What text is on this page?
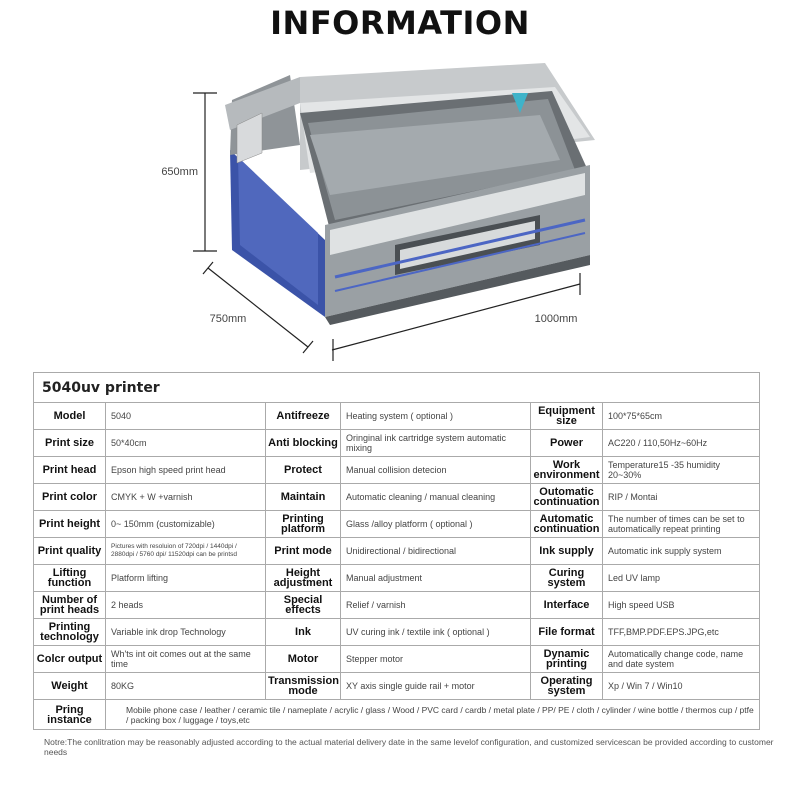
INFORMATION
650mm
750mm	1000mm
5040uv printer					
Model	5040	Antifreeze	Heating system ( optional )	Equipment size	100*75*65cm
Print size	50*40cm	Anti blocking	Oringinal ink cartridge system automatic mixing	Power	AC220 / 110,50Hz~60Hz
Print head	Epson high speed print head	Protect	Manual collision detecion	Work environment	Temperature15 -35 humidity 20~30%
Print color	CMYK + W +varnish	Maintain	Automatic cleaning / manual cleaning	Outomatic continuation	RIP / Montai
Print height	0~ 150mm (customizable)	Printing platform	Glass /alloy platform ( optional )	Automatic continuation	The number of times can be set to automatically repeat printing
Print quality	Pictures with resoluion of 720dpi / 1440dpi / 2880dpi / 5760 dpi/ 11520dpi can be printsd	Print mode	Unidirectional / bidirectional	Ink supply	Automatic ink supply system
Lifting function	Platform lifting	Height adjustment	Manual adjustment	Curing system	Led UV lamp
Number of print heads	2 heads	Special effects	Relief / varnish	Interface	High speed USB
Printing technology	Variable ink drop Technology	Ink	UV curing ink / textile ink ( optional )	File format	TFF,BMP.PDF.EPS.JPG,etc
Colcr output	Wh'ts int oit comes out at the same time	Motor	Stepper motor	Dynamic printing	Automatically change code, name and date system
Weight	80KG	Transmission mode	XY axis single guide rail + motor	Operating system	Xp / Win 7 / Win10
Pring instance	Mobile phone case / leather / ceramic tile / nameplate / acrylic / glass / Wood / PVC card / cardb / metal plate / PP/ PE / cloth / cylinder / wine bottle / thermos cup / ptfe / packing box / luggage / toys,etc				
Notre:The conlitration may be reasonably adjusted according to the actual material delivery date in the same levelof configuration, and customized servicescan be provided according to customer needs
